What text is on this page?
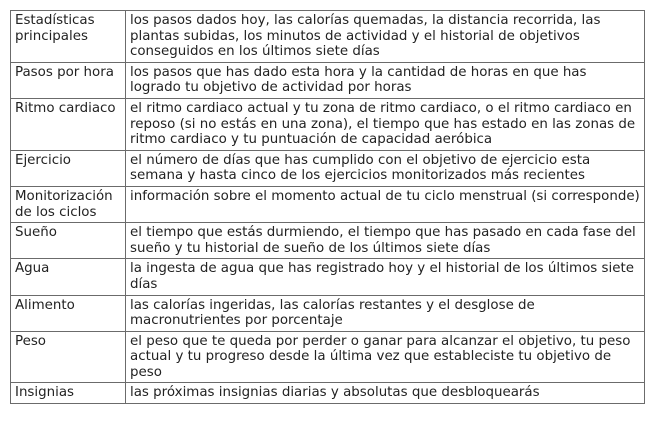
Estadísticas principales	los pasos dados hoy, las calorías quemadas, la distancia recorrida, las plantas subidas, los minutos de actividad y el historial de objetivos conseguidos en los últimos siete días
Pasos por hora	los pasos que has dado esta hora y la cantidad de horas en que has logrado tu objetivo de actividad por horas
Ritmo cardiaco	el ritmo cardiaco actual y tu zona de ritmo cardiaco, o el ritmo cardiaco en reposo (si no estás en una zona), el tiempo que has estado en las zonas de ritmo cardiaco y tu puntuación de capacidad aeróbica
Ejercicio	el número de días que has cumplido con el objetivo de ejercicio esta semana y hasta cinco de los ejercicios monitorizados más recientes
Monitorización de los ciclos	información sobre el momento actual de tu ciclo menstrual (si corresponde)
Sueño	el tiempo que estás durmiendo, el tiempo que has pasado en cada fase del sueño y tu historial de sueño de los últimos siete días
Agua	la ingesta de agua que has registrado hoy y el historial de los últimos siete días
Alimento	las calorías ingeridas, las calorías restantes y el desglose de macronutrientes por porcentaje
Peso	el peso que te queda por perder o ganar para alcanzar el objetivo, tu peso actual y tu progreso desde la última vez que estableciste tu objetivo de peso
Insignias	las próximas insignias diarias y absolutas que desbloquearás
